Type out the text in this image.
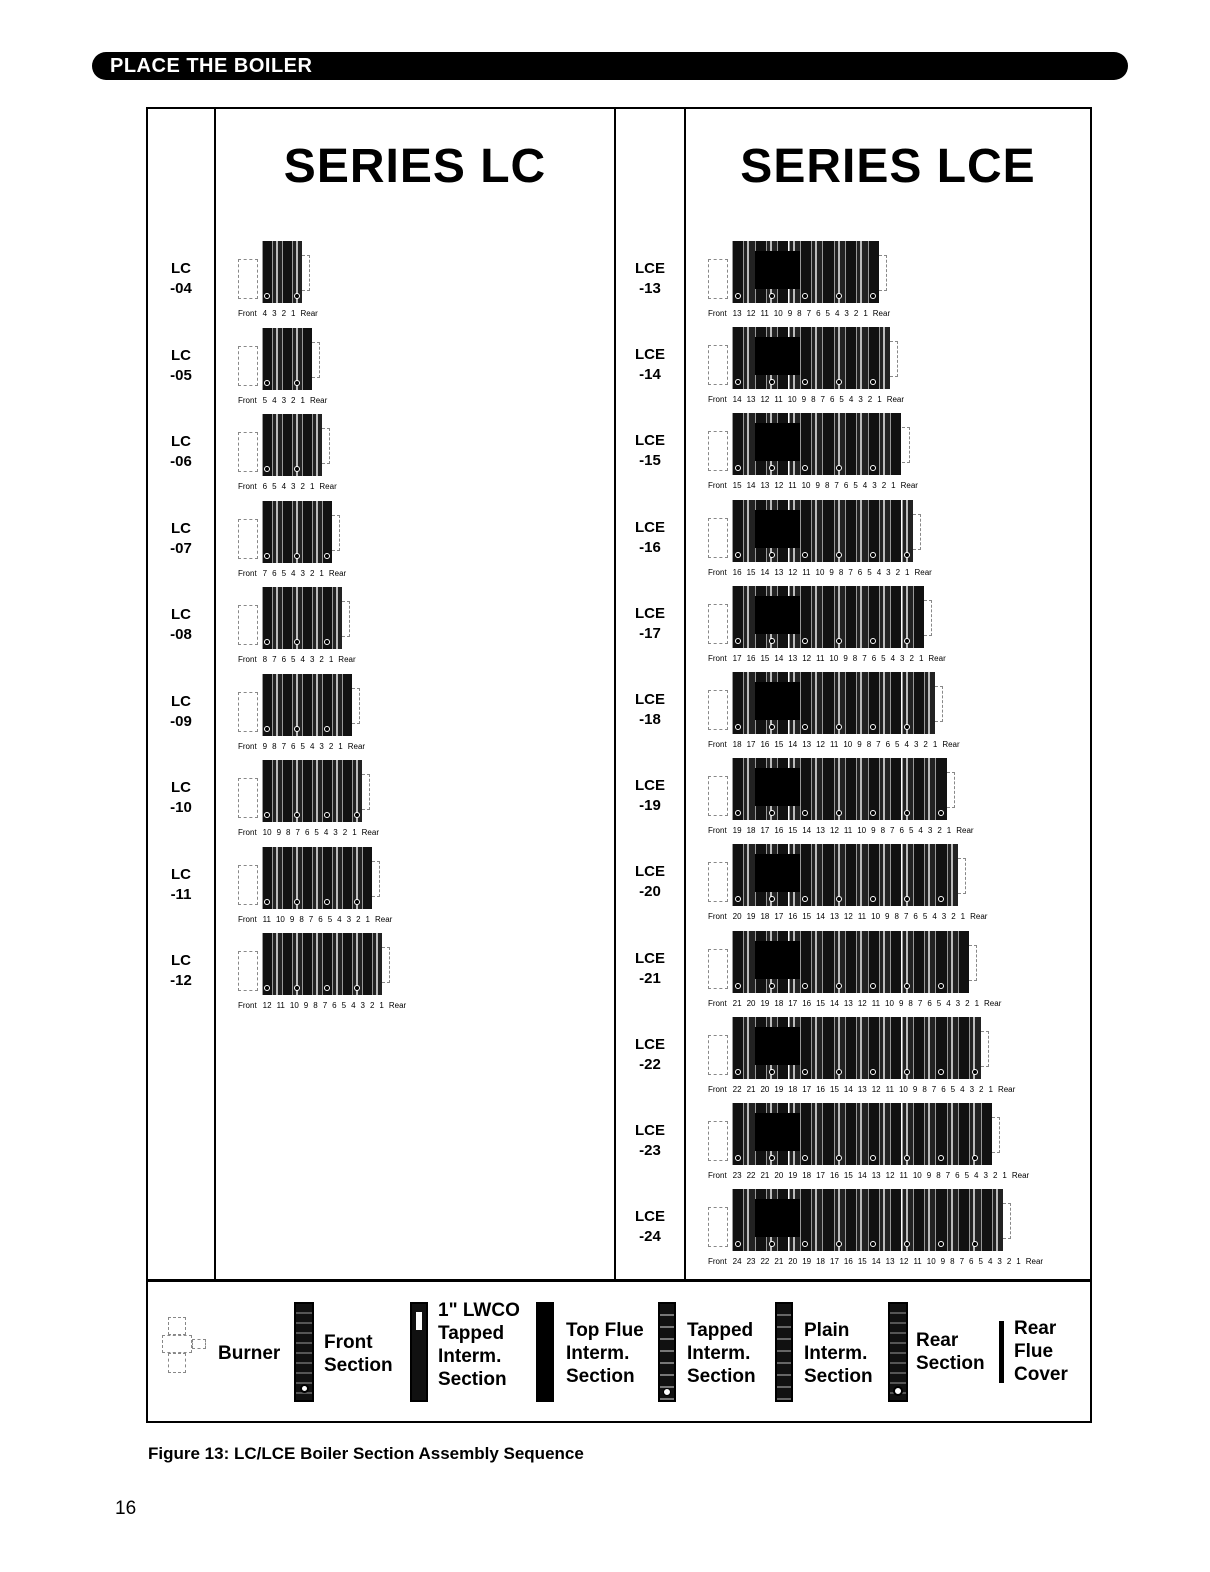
PLACE THE BOILER
SERIES LC	SERIES LCE
LC
-04
LC
-05
LC
-06
LC
-07
LC
-08
LC
-09
LC
-10
LC
-11
LC
-12
LCE
-13
LCE
-14
LCE
-15
LCE
-16
LCE
-17
LCE
-18
LCE
-19
LCE
-20
LCE
-21
LCE
-22
LCE
-23
LCE
-24
Front 4 3 2 1 Rear
Front 5 4 3 2 1 Rear
Front 6 5 4 3 2 1 Rear
Front 7 6 5 4 3 2 1 Rear
Front 8 7 6 5 4 3 2 1 Rear
Front 9 8 7 6 5 4 3 2 1 Rear
Front 10 9 8 7 6 5 4 3 2 1 Rear
Front 11 10 9 8 7 6 5 4 3 2 1 Rear
Front 12 11 10 9 8 7 6 5 4 3 2 1 Rear
Front 13 12 11 10 9 8 7 6 5 4 3 2 1 Rear
Front 14 13 12 11 10 9 8 7 6 5 4 3 2 1 Rear
Front 15 14 13 12 11 10 9 8 7 6 5 4 3 2 1 Rear
Front 16 15 14 13 12 11 10 9 8 7 6 5 4 3 2 1 Rear
Front 17 16 15 14 13 12 11 10 9 8 7 6 5 4 3 2 1 Rear
Front 18 17 16 15 14 13 12 11 10 9 8 7 6 5 4 3 2 1 Rear
Front 19 18 17 16 15 14 13 12 11 10 9 8 7 6 5 4 3 2 1 Rear
Front 20 19 18 17 16 15 14 13 12 11 10 9 8 7 6 5 4 3 2 1 Rear
Front 21 20 19 18 17 16 15 14 13 12 11 10 9 8 7 6 5 4 3 2 1 Rear
Front 22 21 20 19 18 17 16 15 14 13 12 11 10 9 8 7 6 5 4 3 2 1 Rear
Front 23 22 21 20 19 18 17 16 15 14 13 12 11 10 9 8 7 6 5 4 3 2 1 Rear
Front 24 23 22 21 20 19 18 17 16 15 14 13 12 11 10 9 8 7 6 5 4 3 2 1 Rear
Burner
Front
Section
1" LWCO
Tapped
Interm.
Section
Top Flue
Interm.
Section
Tapped
Interm.
Section
Plain
Interm.
Section
Rear
Section
Rear
Flue
Cover
Figure 13: LC/LCE Boiler Section Assembly Sequence
16
